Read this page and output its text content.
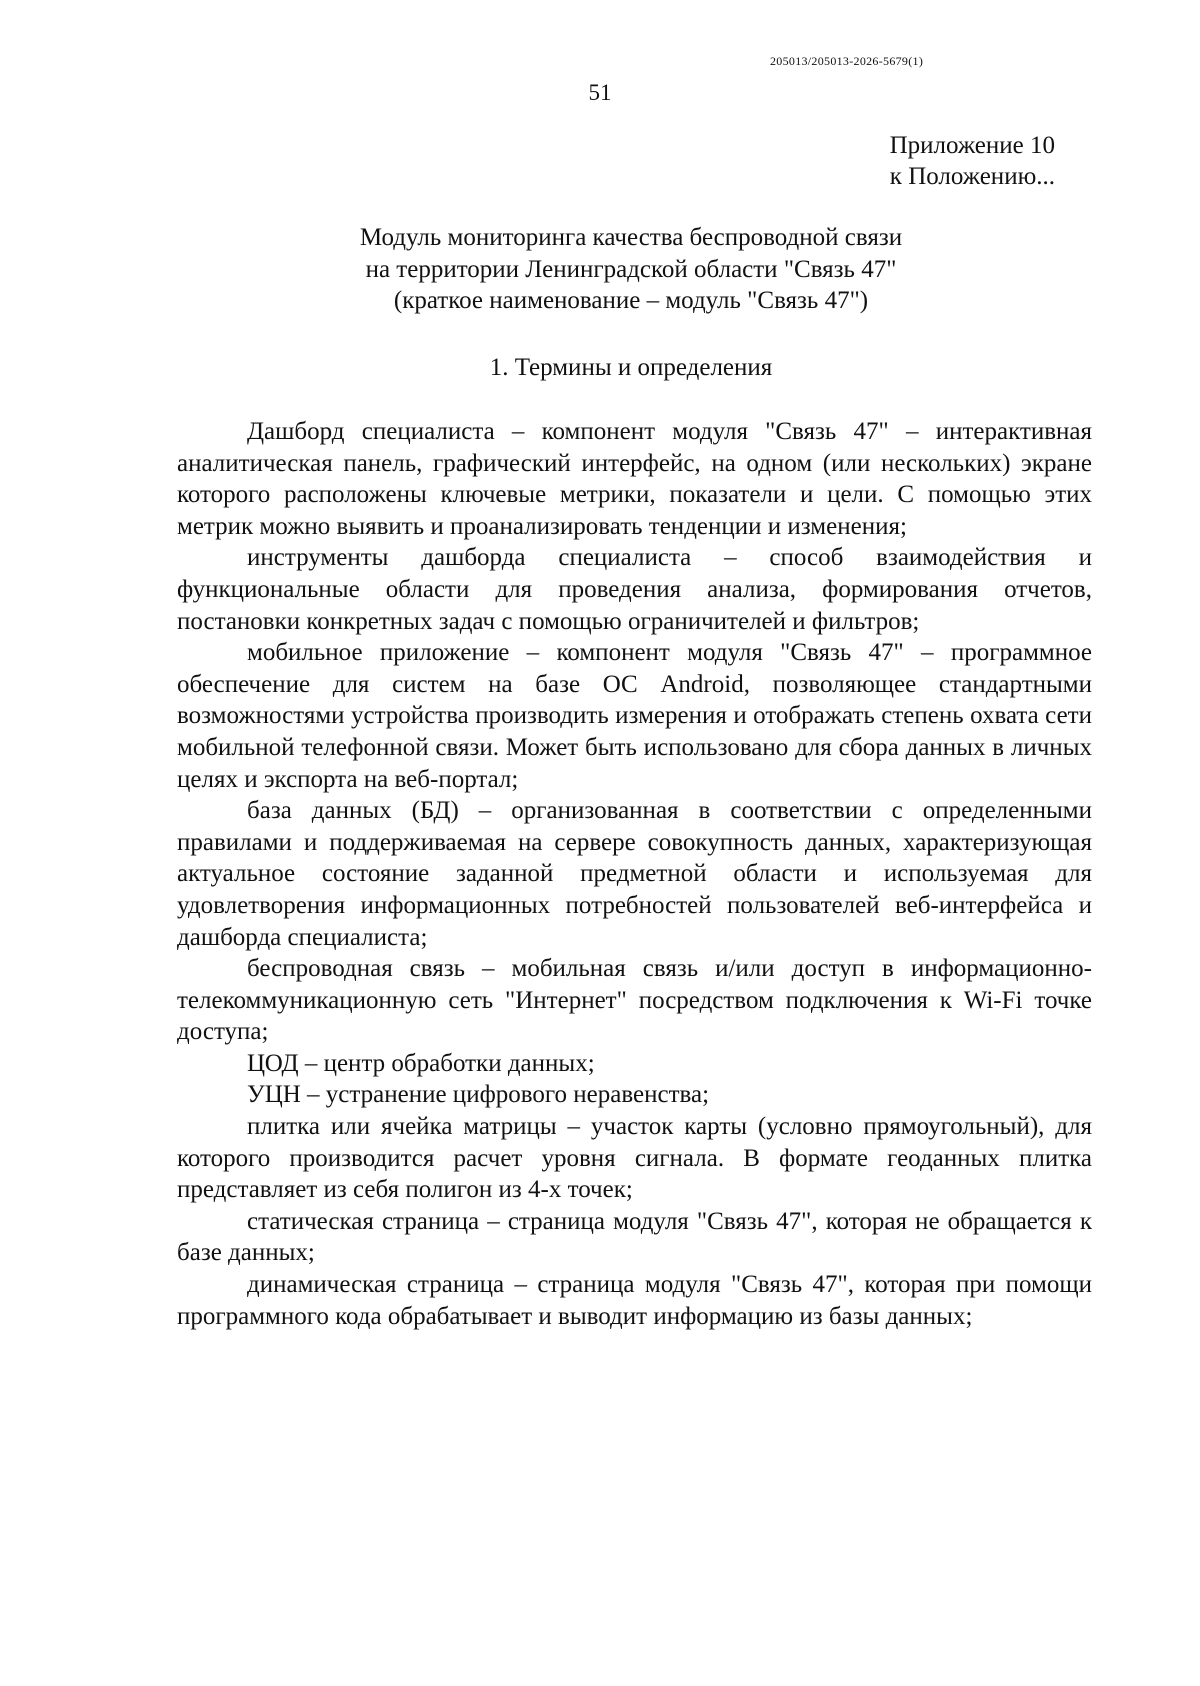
205013/205013-2026-5679(1)
51
Приложение 10
к Положению...
Модуль мониторинга качества беспроводной связи
на территории Ленинградской области "Связь 47"
(краткое наименование – модуль "Связь 47")
1. Термины и определения

Дашборд специалиста – компонент модуля "Связь 47" – интерактивная аналитическая панель, графический интерфейс, на одном (или нескольких) экране которого расположены ключевые метрики, показатели и цели. С помощью этих метрик можно выявить и проанализировать тенденции и изменения;

инструменты дашборда специалиста – способ взаимодействия и функциональные области для проведения анализа, формирования отчетов, постановки конкретных задач с помощью ограничителей и фильтров;

мобильное приложение – компонент модуля "Связь 47" – программное обеспечение для систем на базе ОС Android, позволяющее стандартными возможностями устройства производить измерения и отображать степень охвата сети мобильной телефонной связи. Может быть использовано для сбора данных в личных целях и экспорта на веб-портал;

база данных (БД) – организованная в соответствии с определенными правилами и поддерживаемая на сервере совокупность данных, характеризующая актуальное состояние заданной предметной области и используемая для удовлетворения информационных потребностей пользователей веб-интерфейса и дашборда специалиста;

беспроводная связь – мобильная связь и/или доступ в информационно-телекоммуникационную сеть "Интернет" посредством подключения к Wi-Fi точке доступа;

ЦОД – центр обработки данных;

УЦН – устранение цифрового неравенства;

плитка или ячейка матрицы – участок карты (условно прямоугольный), для которого производится расчет уровня сигнала. В формате геоданных плитка представляет из себя полигон из 4-х точек;

статическая страница – страница модуля "Связь 47", которая не обращается к базе данных;

динамическая страница – страница модуля "Связь 47", которая при помощи программного кода обрабатывает и выводит информацию из базы данных;
